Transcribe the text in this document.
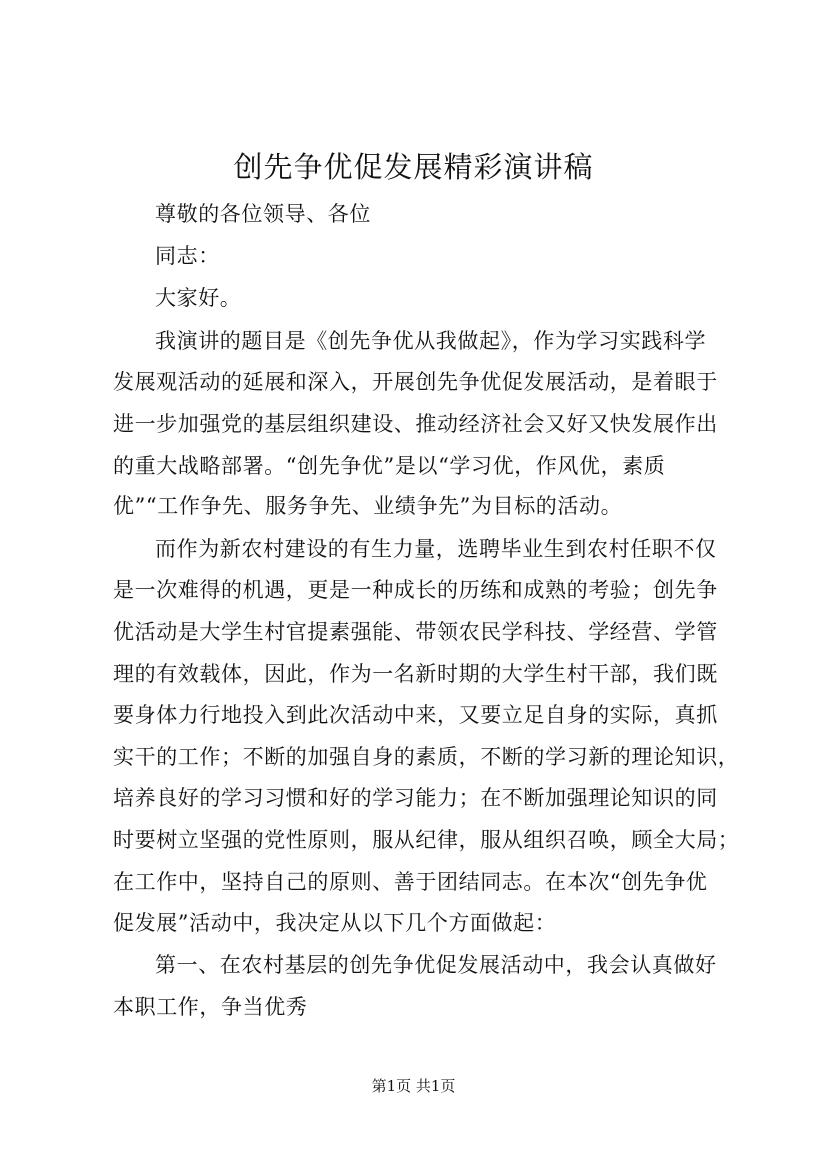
创先争优促发展精彩演讲稿
尊敬的各位领导、各位
同志：
大家好。
我演讲的题目是《创先争优从我做起》，作为学习实践科学
发展观活动的延展和深入，开展创先争优促发展活动，是着眼于
进一步加强党的基层组织建设、推动经济社会又好又快发展作出
的重大战略部署。“创先争优”是以“学习优，作风优，素质
优”“工作争先、服务争先、业绩争先”为目标的活动。
而作为新农村建设的有生力量，选聘毕业生到农村任职不仅
是一次难得的机遇，更是一种成长的历练和成熟的考验；创先争
优活动是大学生村官提素强能、带领农民学科技、学经营、学管
理的有效载体，因此，作为一名新时期的大学生村干部，我们既
要身体力行地投入到此次活动中来，又要立足自身的实际，真抓
实干的工作；不断的加强自身的素质，不断的学习新的理论知识，
培养良好的学习习惯和好的学习能力；在不断加强理论知识的同
时要树立坚强的党性原则，服从纪律，服从组织召唤，顾全大局；
在工作中，坚持自己的原则、善于团结同志。在本次“创先争优
促发展”活动中，我决定从以下几个方面做起：
第一、在农村基层的创先争优促发展活动中，我会认真做好
本职工作，争当优秀
第1页 共1页
